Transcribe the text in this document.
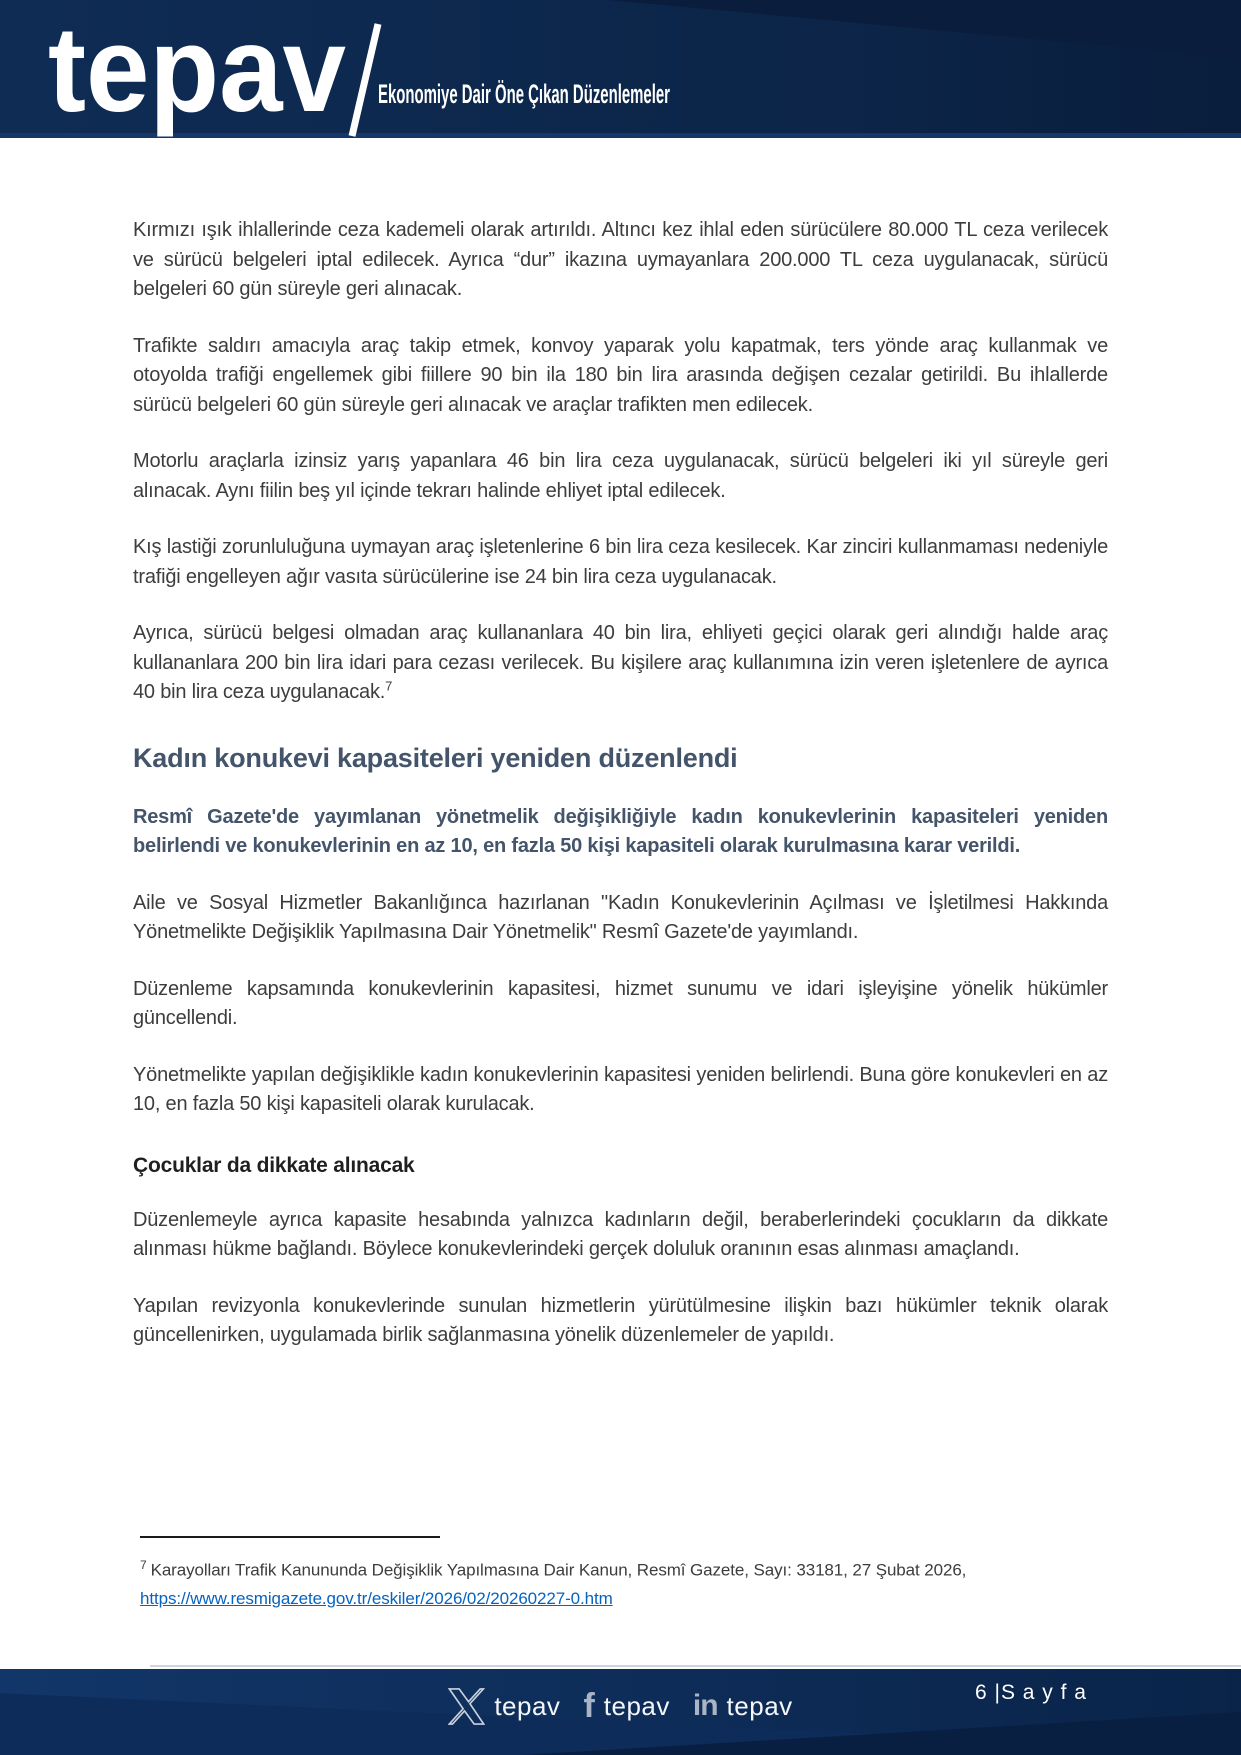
tepav Ekonomiye Dair Öne Çıkan Düzenlemeler

Kırmızı ışık ihlallerinde ceza kademeli olarak artırıldı. Altıncı kez ihlal eden sürücülere 80.000 TL ceza verilecek ve sürücü belgeleri iptal edilecek. Ayrıca “dur” ikazına uymayanlara 200.000 TL ceza uygulanacak, sürücü belgeleri 60 gün süreyle geri alınacak.

Trafikte saldırı amacıyla araç takip etmek, konvoy yaparak yolu kapatmak, ters yönde araç kullanmak ve otoyolda trafiği engellemek gibi fiillere 90 bin ila 180 bin lira arasında değişen cezalar getirildi. Bu ihlallerde sürücü belgeleri 60 gün süreyle geri alınacak ve araçlar trafikten men edilecek.

Motorlu araçlarla izinsiz yarış yapanlara 46 bin lira ceza uygulanacak, sürücü belgeleri iki yıl süreyle geri alınacak. Aynı fiilin beş yıl içinde tekrarı halinde ehliyet iptal edilecek.

Kış lastiği zorunluluğuna uymayan araç işletenlerine 6 bin lira ceza kesilecek. Kar zinciri kullanmaması nedeniyle trafiği engelleyen ağır vasıta sürücülerine ise 24 bin lira ceza uygulanacak.

Ayrıca, sürücü belgesi olmadan araç kullananlara 40 bin lira, ehliyeti geçici olarak geri alındığı halde araç kullananlara 200 bin lira idari para cezası verilecek. Bu kişilere araç kullanımına izin veren işletenlere de ayrıca 40 bin lira ceza uygulanacak.$^7$

Kadın konukevi kapasiteleri yeniden düzenlendi

Resmî Gazete'de yayımlanan yönetmelik değişikliğiyle kadın konukevlerinin kapasiteleri yeniden belirlendi ve konukevlerinin en az 10, en fazla 50 kişi kapasiteli olarak kurulmasına karar verildi.

Aile ve Sosyal Hizmetler Bakanlığınca hazırlanan "Kadın Konukevlerinin Açılması ve İşletilmesi Hakkında Yönetmelikte Değişiklik Yapılmasına Dair Yönetmelik" Resmî Gazete'de yayımlandı.

Düzenleme kapsamında konukevlerinin kapasitesi, hizmet sunumu ve idari işleyişine yönelik hükümler güncellendi.

Yönetmelikte yapılan değişiklikle kadın konukevlerinin kapasitesi yeniden belirlendi. Buna göre konukevleri en az 10, en fazla 50 kişi kapasiteli olarak kurulacak.

Çocuklar da dikkate alınacak

Düzenlemeyle ayrıca kapasite hesabında yalnızca kadınların değil, beraberlerindeki çocukların da dikkate alınması hükme bağlandı. Böylece konukevlerindeki gerçek doluluk oranının esas alınması amaçlandı.

Yapılan revizyonla konukevlerinde sunulan hizmetlerin yürütülmesine ilişkin bazı hükümler teknik olarak güncellenirken, uygulamada birlik sağlanmasına yönelik düzenlemeler de yapıldı.

$^7$ Karayolları Trafik Kanununda Değişiklik Yapılmasına Dair Kanun, Resmî Gazete, Sayı: 33181, 27 Şubat 2026,
https://www.resmigazete.gov.tr/eskiler/2026/02/20260227-0.htm

tepav f tepav in tepav	6 |S a y f a
